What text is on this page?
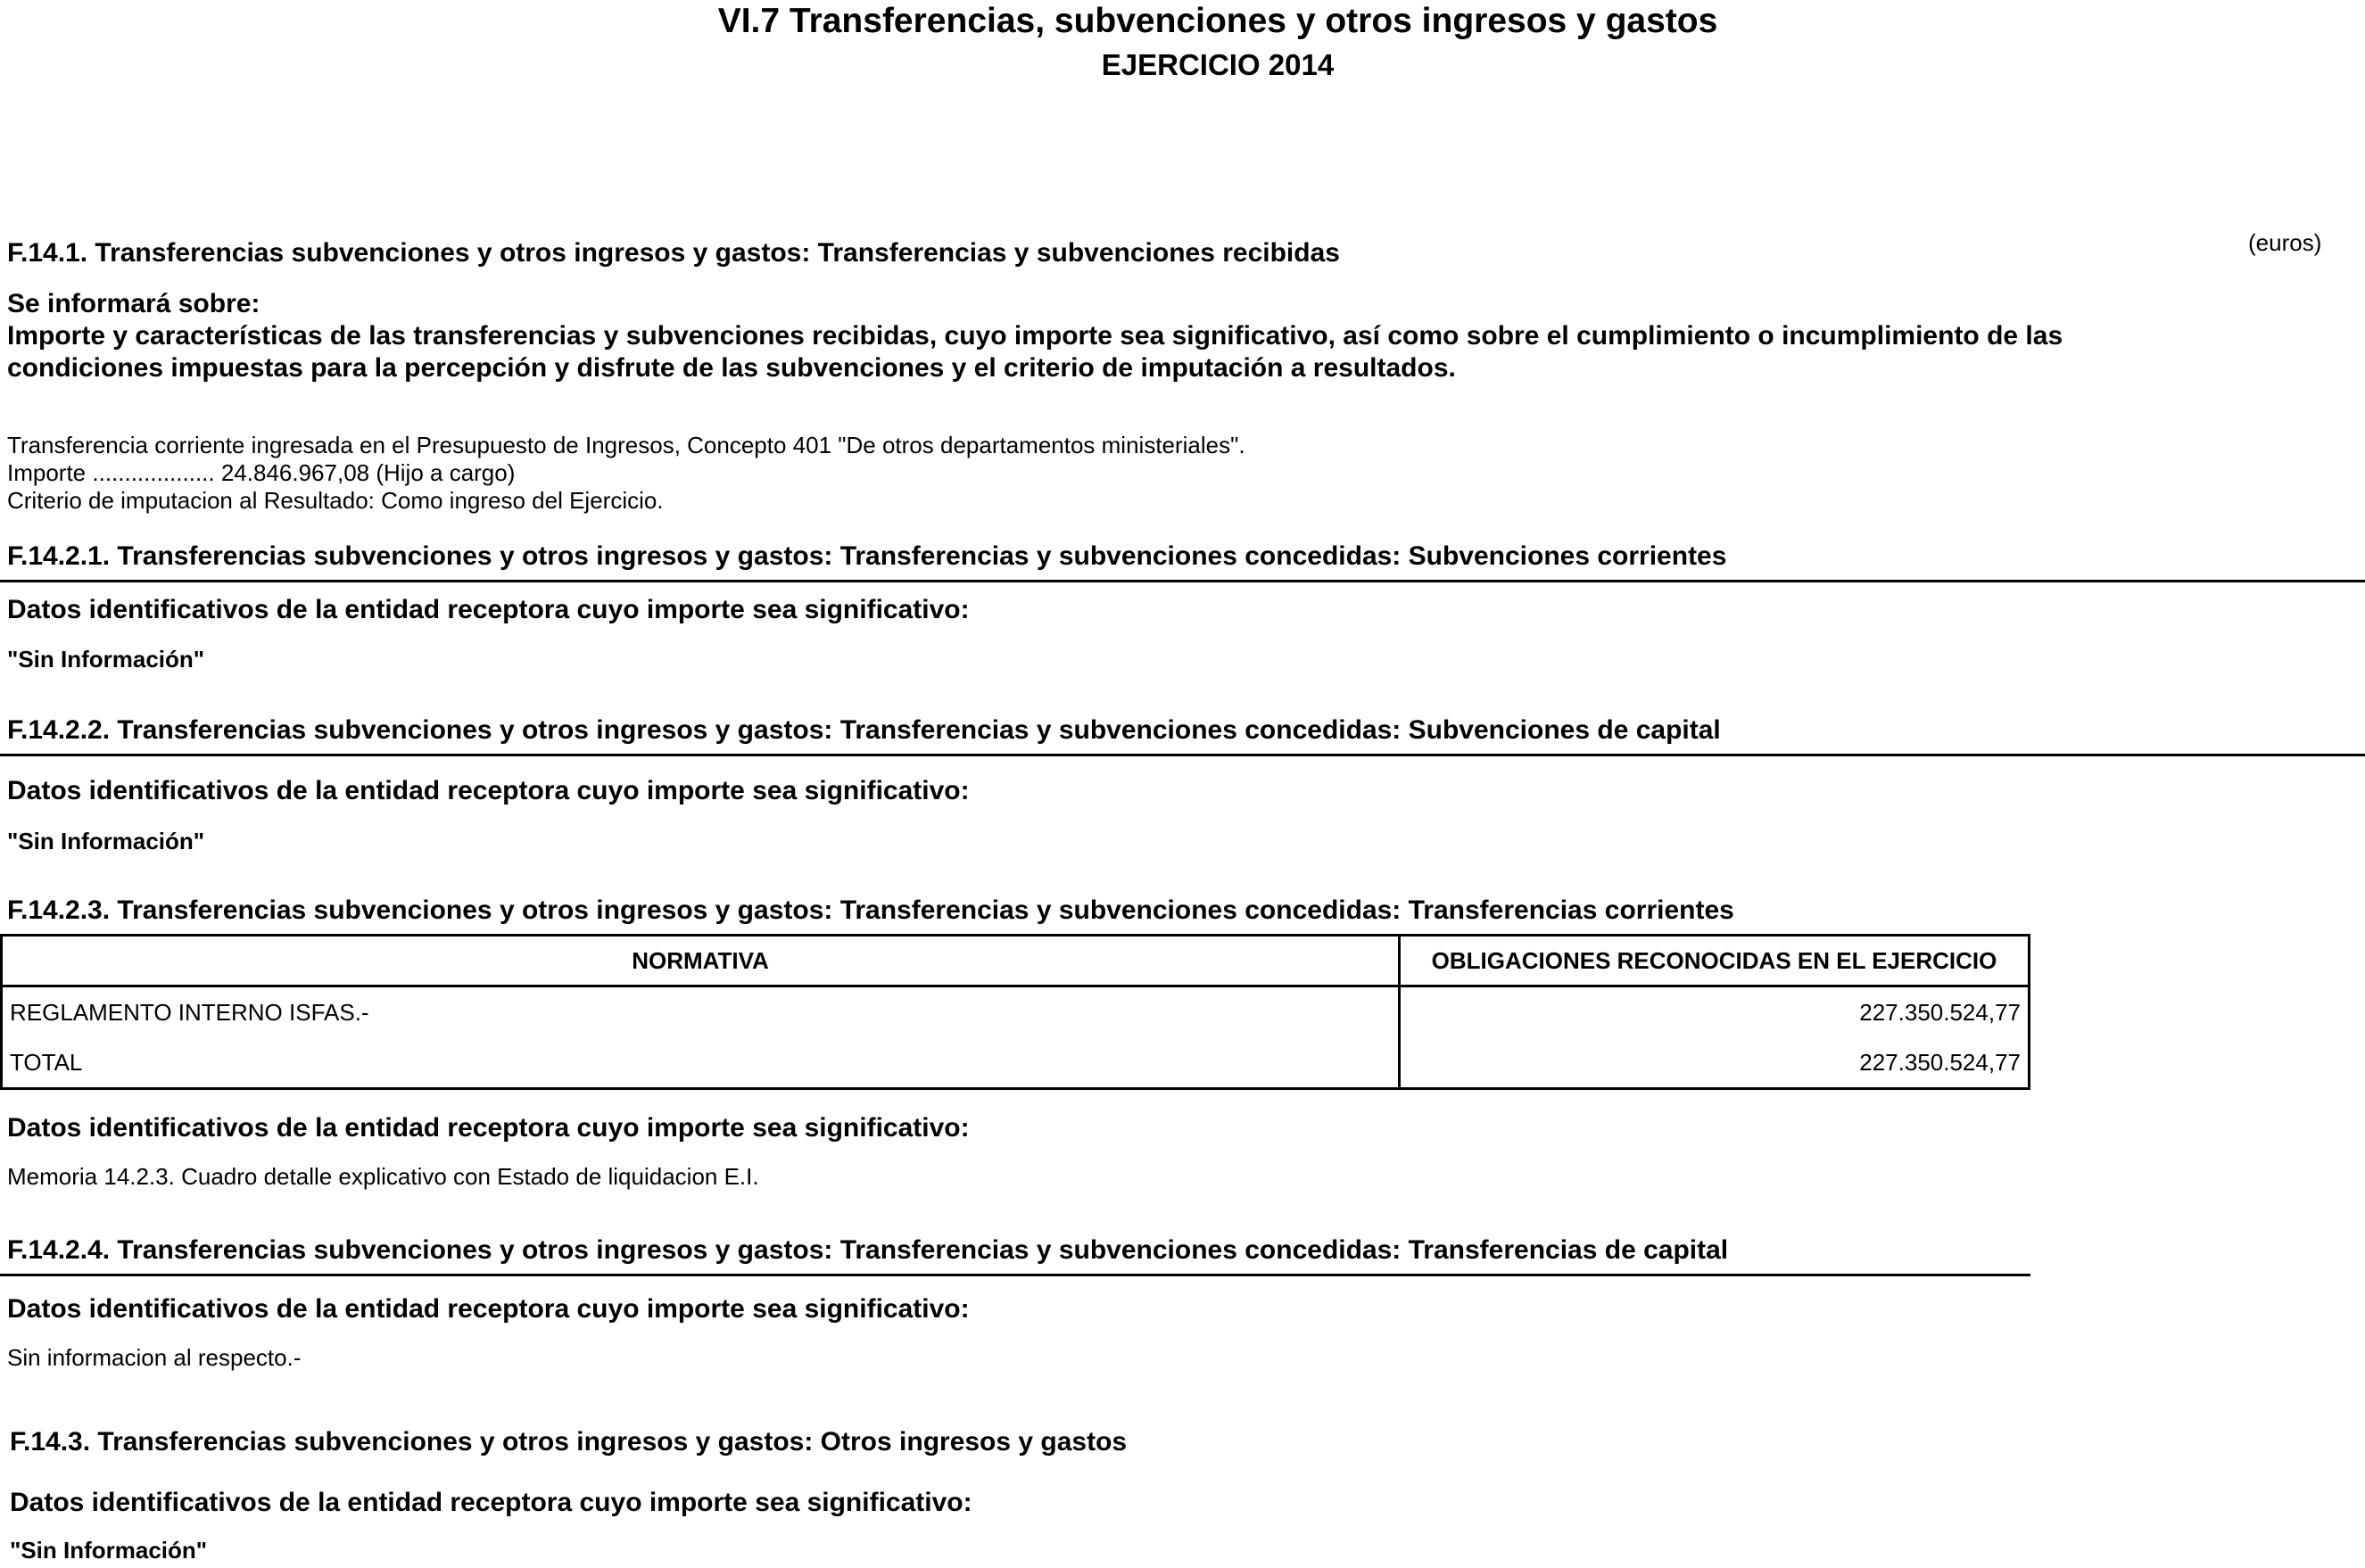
VI.7 Transferencias, subvenciones y otros ingresos y gastos
EJERCICIO 2014
(euros)
F.14.1. Transferencias subvenciones y otros ingresos y gastos: Transferencias y subvenciones recibidas
Se informará sobre:
Importe y características de las transferencias y subvenciones recibidas, cuyo importe sea significativo, así como sobre el cumplimiento o incumplimiento de las
condiciones impuestas para la percepción y disfrute de las subvenciones y el criterio de imputación a resultados.
Transferencia corriente ingresada en el Presupuesto de Ingresos, Concepto 401 "De otros departamentos ministeriales".
Importe ................... 24.846.967,08 (Hijo a cargo)
Criterio de imputacion al Resultado: Como ingreso del Ejercicio.
F.14.2.1. Transferencias subvenciones y otros ingresos y gastos: Transferencias y subvenciones concedidas: Subvenciones corrientes
Datos identificativos de la entidad receptora cuyo importe sea significativo:
"Sin Información"
F.14.2.2. Transferencias subvenciones y otros ingresos y gastos: Transferencias y subvenciones concedidas: Subvenciones de capital
Datos identificativos de la entidad receptora cuyo importe sea significativo:
"Sin Información"
F.14.2.3. Transferencias subvenciones y otros ingresos y gastos: Transferencias y subvenciones concedidas: Transferencias corrientes
NORMATIVA	OBLIGACIONES RECONOCIDAS EN EL EJERCICIO
REGLAMENTO INTERNO ISFAS.-	227.350.524,77
TOTAL	227.350.524,77
Datos identificativos de la entidad receptora cuyo importe sea significativo:
Memoria 14.2.3. Cuadro detalle explicativo con Estado de liquidacion E.I.
F.14.2.4. Transferencias subvenciones y otros ingresos y gastos: Transferencias y subvenciones concedidas: Transferencias de capital
Datos identificativos de la entidad receptora cuyo importe sea significativo:
Sin informacion al respecto.-
F.14.3. Transferencias subvenciones y otros ingresos y gastos: Otros ingresos y gastos
Datos identificativos de la entidad receptora cuyo importe sea significativo:
"Sin Información"
